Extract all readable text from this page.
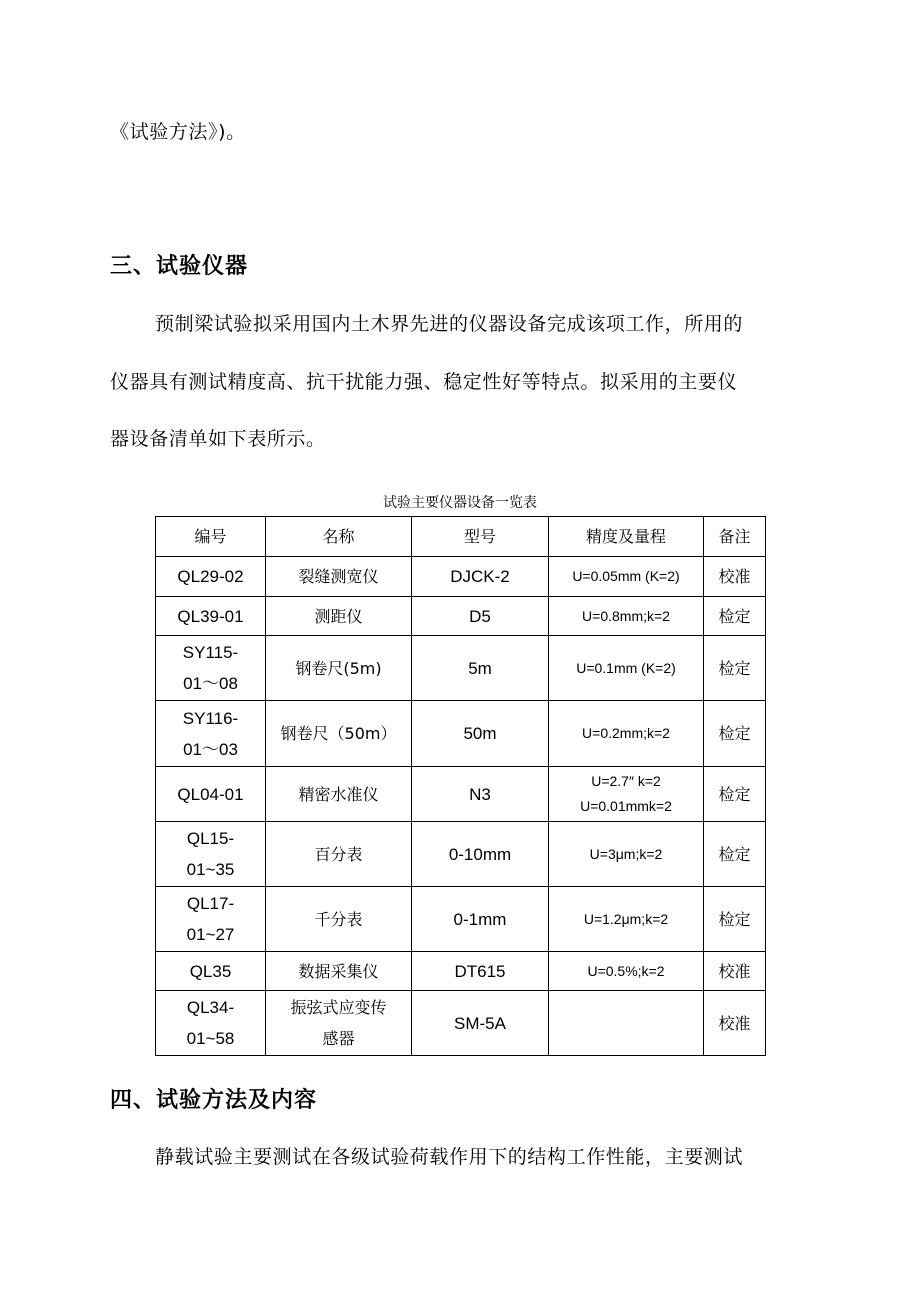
《试验方法》)。
三、试验仪器
预制梁试验拟采用国内土木界先进的仪器设备完成该项工作，所用的
仪器具有测试精度高、抗干扰能力强、稳定性好等特点。拟采用的主要仪
器设备清单如下表所示。
试验主要仪器设备一览表
编号	名称	型号	精度及量程	备注
QL29-02	裂缝测宽仪	DJCK-2	U=0.05mm (K=2)	校准
QL39-01	测距仪	D5	U=0.8mm;k=2	检定
SY115-
01～08	钢卷尺(5m)	5m	U=0.1mm (K=2)	检定
SY116-
01～03	钢卷尺（50m）	50m	U=0.2mm;k=2	检定
QL04-01	精密水准仪	N3	U=2.7″ k=2
U=0.01mmk=2	检定
QL15-
01~35	百分表	0-10mm	U=3μm;k=2	检定
QL17-
01~27	千分表	0-1mm	U=1.2μm;k=2	检定
QL35	数据采集仪	DT615	U=0.5%;k=2	校准
QL34-
01~58	振弦式应变传
感器	SM-5A		校准
四、试验方法及内容
静载试验主要测试在各级试验荷载作用下的结构工作性能，主要测试
